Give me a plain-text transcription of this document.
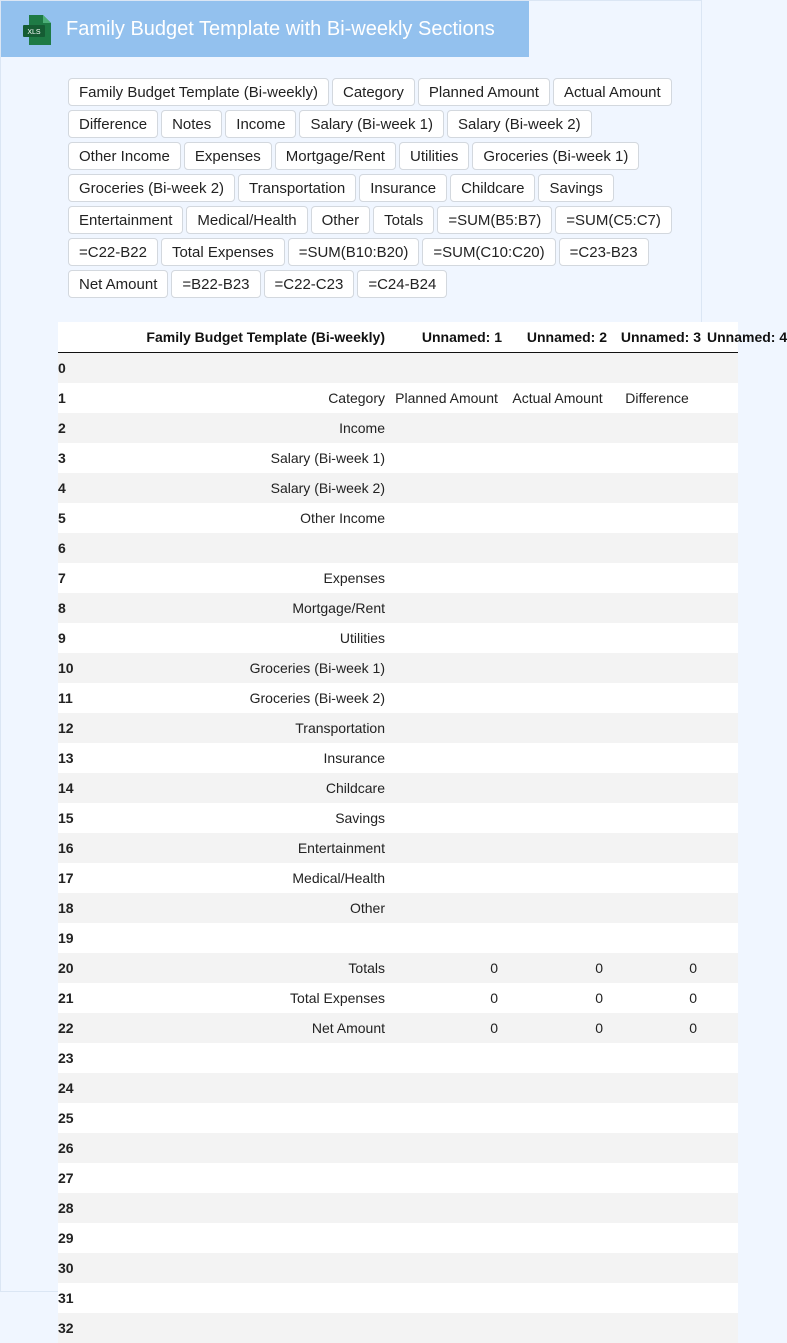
XLS Family Budget Template with Bi-weekly Sections
Family Budget Template (Bi-weekly)	Category	Planned Amount	Actual Amount
Difference	Notes	Income	Salary (Bi-week 1)	Salary (Bi-week 2)
Other Income	Expenses	Mortgage/Rent	Utilities	Groceries (Bi-week 1)
Groceries (Bi-week 2)	Transportation	Insurance	Childcare	Savings
Entertainment	Medical/Health	Other	Totals	=SUM(B5:B7)	=SUM(C5:C7)
=C22-B22	Total Expenses	=SUM(B10:B20)	=SUM(C10:C20)	=C23-B23
Net Amount	=B22-B23	=C22-C23	=C24-B24
	Family Budget Template (Bi-weekly)	Unnamed: 1	Unnamed: 2	Unnamed: 3	Unnamed: 4
0					
1	Category	Planned Amount	Actual Amount	Difference	
2	Income				
3	Salary (Bi-week 1)				
4	Salary (Bi-week 2)				
5	Other Income				
6					
7	Expenses				
8	Mortgage/Rent				
9	Utilities				
10	Groceries (Bi-week 1)				
11	Groceries (Bi-week 2)				
12	Transportation				
13	Insurance				
14	Childcare				
15	Savings				
16	Entertainment				
17	Medical/Health				
18	Other				
19					
20	Totals	0	0	0	
21	Total Expenses	0	0	0	
22	Net Amount	0	0	0	
23					
24					
25					
26					
27					
28					
29					
30					
31					
32					
